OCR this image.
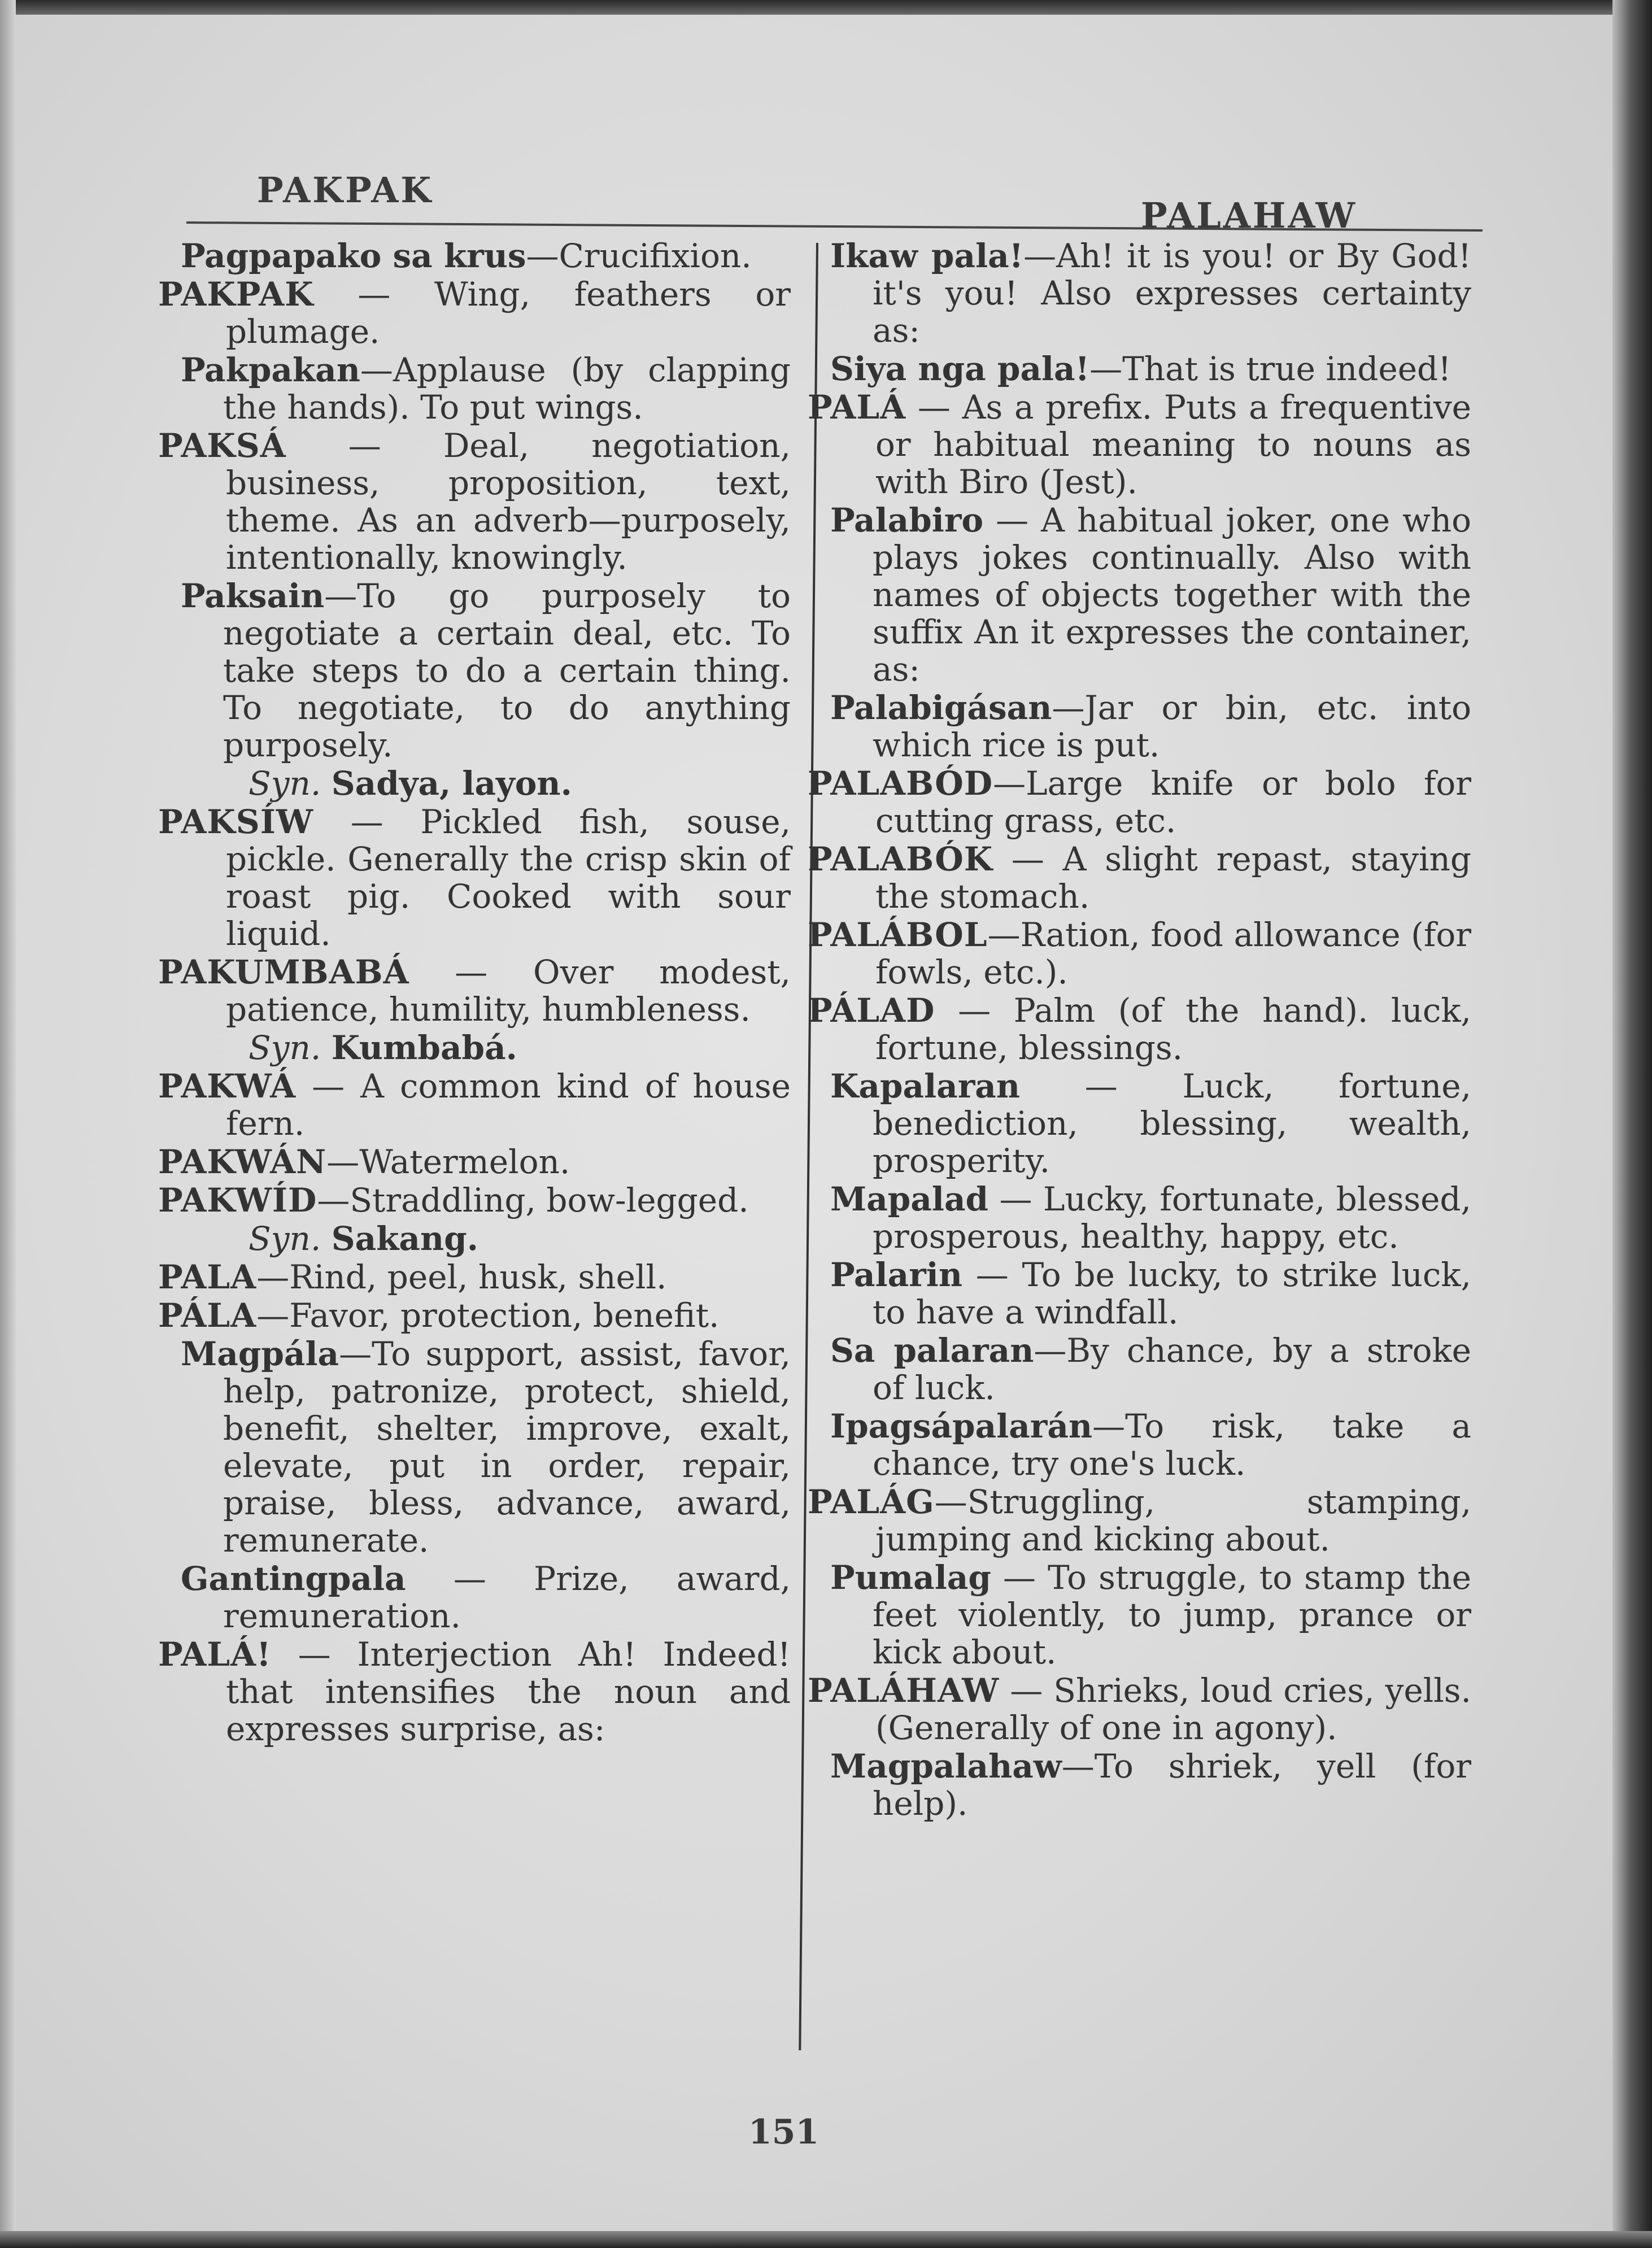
PAKPAK
PALAHAW

Pagpapako sa krus—Crucifixion.

PAKPAK — Wing, feathers or plumage.

Pakpakan—Applause (by clapping the hands). To put wings.

PAKSÁ — Deal, negotiation, business, proposition, text, theme. As an adverb—purposely, intentionally, knowingly.

Paksain—To go purposely to negotiate a certain deal, etc. To take steps to do a certain thing. To negotiate, to do anything purposely.

Syn. Sadya, layon.

PAKSÍW — Pickled fish, souse, pickle. Generally the crisp skin of roast pig. Cooked with sour liquid.

PAKUMBABÁ — Over modest, patience, humility, humbleness.

Syn. Kumbabá.

PAKWÁ — A common kind of house fern.

PAKWÁN—Watermelon.

PAKWÍD—Straddling, bow-legged.

Syn. Sakang.

PALA—Rind, peel, husk, shell.

PÁLA—Favor, protection, benefit.

Magpála—To support, assist, favor, help, patronize, protect, shield, benefit, shelter, improve, exalt, elevate, put in order, repair, praise, bless, advance, award, remunerate.

Gantingpala — Prize, award, remuneration.

PALÁ! — Interjection Ah! Indeed! that intensifies the noun and expresses surprise, as:

Ikaw pala!—Ah! it is you! or By God! it's you! Also expresses certainty as:

Siya nga pala!—That is true indeed!

PALÁ — As a prefix. Puts a frequentive or habitual meaning to nouns as with Biro (Jest).

Palabiro — A habitual joker, one who plays jokes continually. Also with names of objects together with the suffix An it expresses the container, as:

Palabigásan—Jar or bin, etc. into which rice is put.

PALABÓD—Large knife or bolo for cutting grass, etc.

PALABÓK — A slight repast, staying the stomach.

PALÁBOL—Ration, food allowance (for fowls, etc.).

PÁLAD — Palm (of the hand). luck, fortune, blessings.

Kapalaran — Luck, fortune, benediction, blessing, wealth, prosperity.

Mapalad — Lucky, fortunate, blessed, prosperous, healthy, happy, etc.

Palarin — To be lucky, to strike luck, to have a windfall.

Sa palaran—By chance, by a stroke of luck.

Ipagsápalarán—To risk, take a chance, try one's luck.

PALÁG—Struggling, stamping, jumping and kicking about.

Pumalag — To struggle, to stamp the feet violently, to jump, prance or kick about.

PALÁHAW — Shrieks, loud cries, yells. (Generally of one in agony).

Magpalahaw—To shriek, yell (for help).

151
